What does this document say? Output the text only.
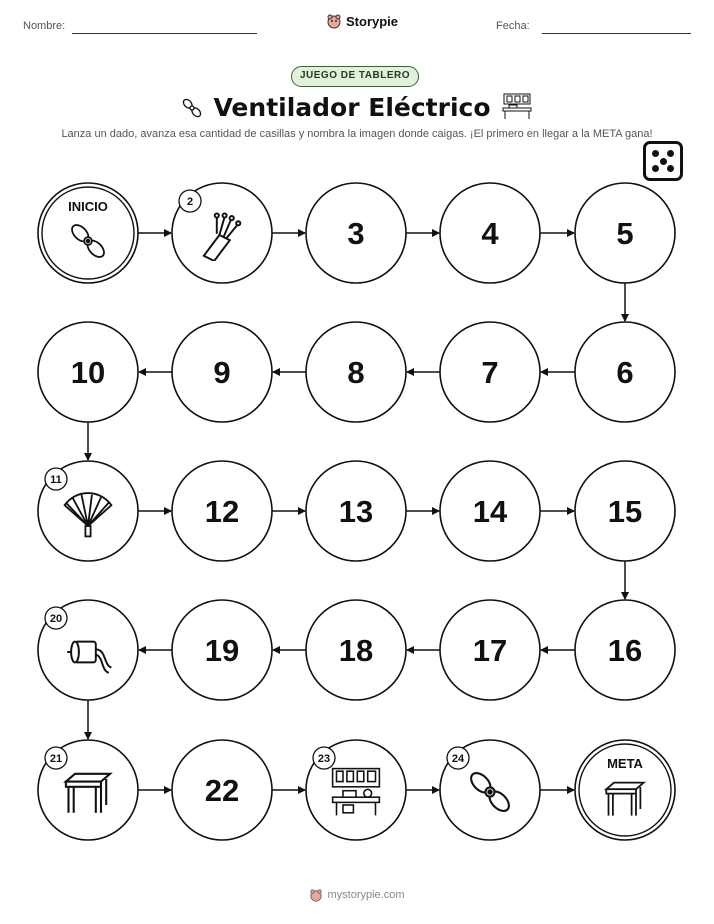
Nombre:	Storypie	Fecha:
JUEGO DE TABLERO
Ventilador Eléctrico
Lanza un dado, avanza esa cantidad de casillas y nombra la imagen donde caigas. ¡El primero en llegar a la META gana!
INICIO	2
3	4	5
6
7
8
9
10
11
12	13	14	15
16
17
18
19
20
21
22
23	24	META
mystorypie.com
